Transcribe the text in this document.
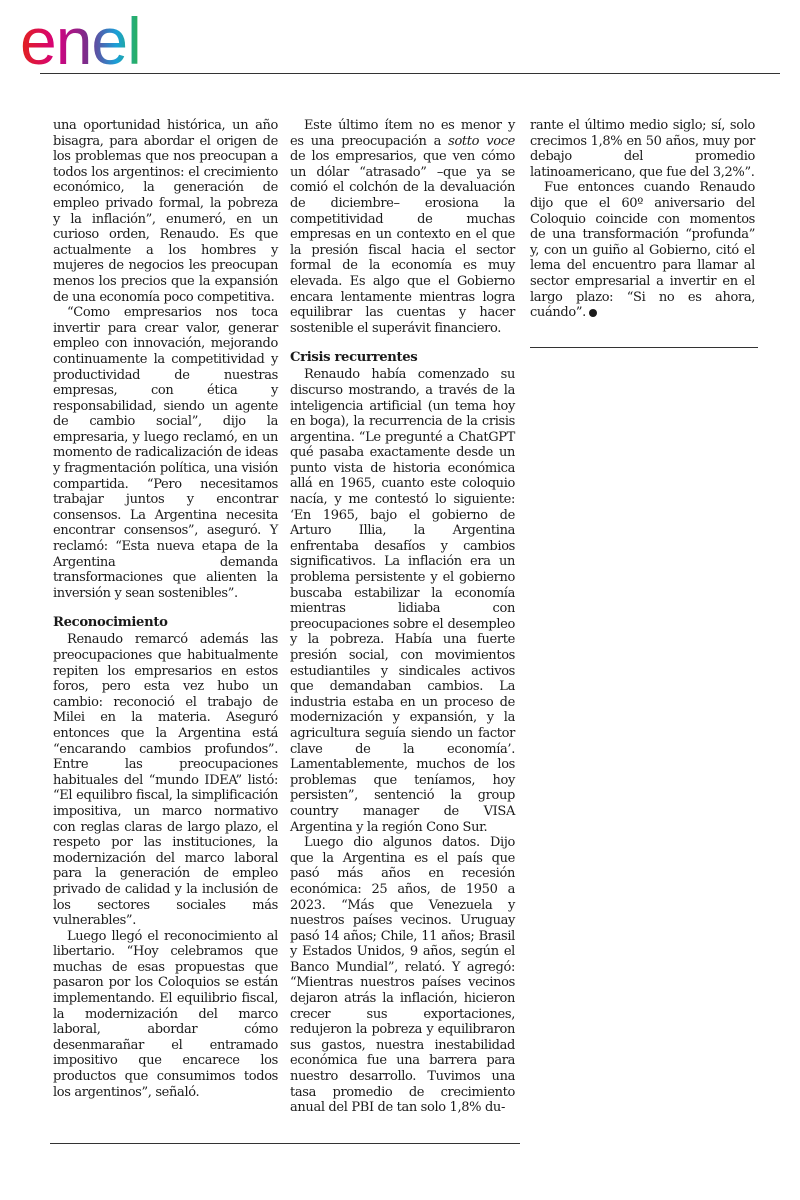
enel

una oportunidad histórica, un año bisagra, para abordar el origen de los problemas que nos preocupan a todos los argentinos: el crecimiento económico, la generación de empleo privado formal, la pobreza y la inflación”, enumeró, en un curioso orden, Renaudo. Es que actualmente a los hombres y mujeres de negocios les preocupan menos los precios que la expansión de una economía poco competitiva.

“Como empresarios nos toca invertir para crear valor, generar empleo con innovación, mejorando continuamente la competitividad y productividad de nuestras empresas, con ética y responsabilidad, siendo un agente de cambio social”, dijo la empresaria, y luego reclamó, en un momento de radicalización de ideas y fragmentación política, una visión compartida. “Pero necesitamos trabajar juntos y encontrar consensos. La Argentina necesita encontrar consensos”, aseguró. Y reclamó: “Esta nueva etapa de la Argentina demanda transformaciones que alienten la inversión y sean sostenibles”.

Reconocimiento

Renaudo remarcó además las preocupaciones que habitualmente repiten los empresarios en estos foros, pero esta vez hubo un cambio: reconoció el trabajo de Milei en la materia. Aseguró entonces que la Argentina está “encarando cambios profundos”. Entre las preocupaciones habituales del “mundo IDEA” listó: “El equilibro fiscal, la simplificación impositiva, un marco normativo con reglas claras de largo plazo, el respeto por las instituciones, la modernización del marco laboral para la generación de empleo privado de calidad y la inclusión de los sectores sociales más vulnerables”.

Luego llegó el reconocimiento al libertario. “Hoy celebramos que muchas de esas propuestas que pasaron por los Coloquios se están implementando. El equilibrio fiscal, la modernización del marco laboral, abordar cómo desenmarañar el entramado impositivo que encarece los productos que consumimos todos los argentinos”, señaló.

Este último ítem no es menor y es una preocupación a sotto voce de los empresarios, que ven cómo un dólar “atrasado” –que ya se comió el colchón de la devaluación de diciembre– erosiona la competitividad de muchas empresas en un contexto en el que la presión fiscal hacia el sector formal de la economía es muy elevada. Es algo que el Gobierno encara lentamente mientras logra equilibrar las cuentas y hacer sostenible el superávit financiero.

Crisis recurrentes

Renaudo había comenzado su discurso mostrando, a través de la inteligencia artificial (un tema hoy en boga), la recurrencia de la crisis argentina. “Le pregunté a ChatGPT qué pasaba exactamente desde un punto vista de historia económica allá en 1965, cuanto este coloquio nacía, y me contestó lo siguiente: ‘En 1965, bajo el gobierno de Arturo Illia, la Argentina enfrentaba desafíos y cambios significativos. La inflación era un problema persistente y el gobierno buscaba estabilizar la economía mientras lidiaba con preocupaciones sobre el desempleo y la pobreza. Había una fuerte presión social, con movimientos estudiantiles y sindicales activos que demandaban cambios. La industria estaba en un proceso de modernización y expansión, y la agricultura seguía siendo un factor clave de la economía’. Lamentablemente, muchos de los problemas que teníamos, hoy persisten”, sentenció la group country manager de VISA Argentina y la región Cono Sur.

Luego dio algunos datos. Dijo que la Argentina es el país que pasó más años en recesión económica: 25 años, de 1950 a 2023. “Más que Venezuela y nuestros países vecinos. Uruguay pasó 14 años; Chile, 11 años; Brasil y Estados Unidos, 9 años, según el Banco Mundial”, relató. Y agregó: “Mientras nuestros países vecinos dejaron atrás la inflación, hicieron crecer sus exportaciones, redujeron la pobreza y equilibraron sus gastos, nuestra inestabilidad económica fue una barrera para nuestro desarrollo. Tuvimos una tasa promedio de crecimiento anual del PBI de tan solo 1,8% du-

rante el último medio siglo; sí, solo crecimos 1,8% en 50 años, muy por debajo del promedio latinoamericano, que fue del 3,2%”.

Fue entonces cuando Renaudo dijo que el 60º aniversario del Coloquio coincide con momentos de una transformación “profunda” y, con un guiño al Gobierno, citó el lema del encuentro para llamar al sector empresarial a invertir en el largo plazo: “Si no es ahora, cuándo”.
